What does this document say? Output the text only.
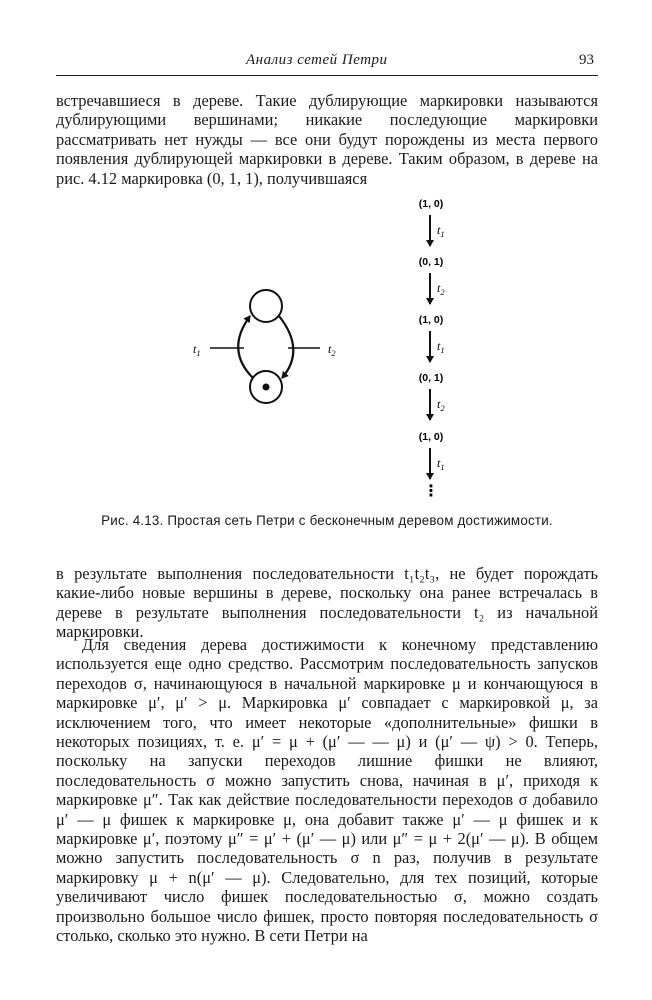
Анализ сетей Петри	93

встречавшиеся в дереве. Такие дублирующие маркировки называются дублирующими вершинами; никакие последующие маркировки рассматривать нет нужды — все они будут порождены из места первого появления дублирующей маркировки в дереве. Таким образом, в дереве на рис. 4.12 маркировка (0, 1, 1), получившаяся

$t_1$	$t_2$
(1, 0)
$t_1$
(0, 1)
$t_2$
(1, 0)
$t_1$
(0, 1)
$t_2$
(1, 0)
$t_1$
⋮
Рис. 4.13. Простая сеть Петри с бесконечным деревом достижимости.

в результате выполнения последовательности t₁t₂t₃, не будет порождать какие-либо новые вершины в дереве, поскольку она ранее встречалась в дереве в результате выполнения последовательности t₂ из начальной маркировки.

Для сведения дерева достижимости к конечному представлению используется еще одно средство. Рассмотрим последовательность запусков переходов σ, начинающуюся в начальной маркировке μ и кончающуюся в маркировке μ′, μ′ > μ. Маркировка μ′ совпадает с маркировкой μ, за исключением того, что имеет некоторые «дополнительные» фишки в некоторых позициях, т. е. μ′ = μ + (μ′ — — μ) и (μ′ — ψ) > 0. Теперь, поскольку на запуски переходов лишние фишки не влияют, последовательность σ можно запустить снова, начиная в μ′, приходя к маркировке μ″. Так как действие последовательности переходов σ добавило μ′ — μ фишек к маркировке μ, она добавит также μ′ — μ фишек и к маркировке μ′, поэтому μ″ = μ′ + (μ′ — μ) или μ″ = μ + 2(μ′ — μ). В общем можно запустить последовательность σ n раз, получив в результате маркировку μ + n(μ′ — μ). Следовательно, для тех позиций, которые увеличивают число фишек последовательностью σ, можно создать произвольно большое число фишек, просто повторяя последовательность σ столько, сколько это нужно. В сети Петри на
